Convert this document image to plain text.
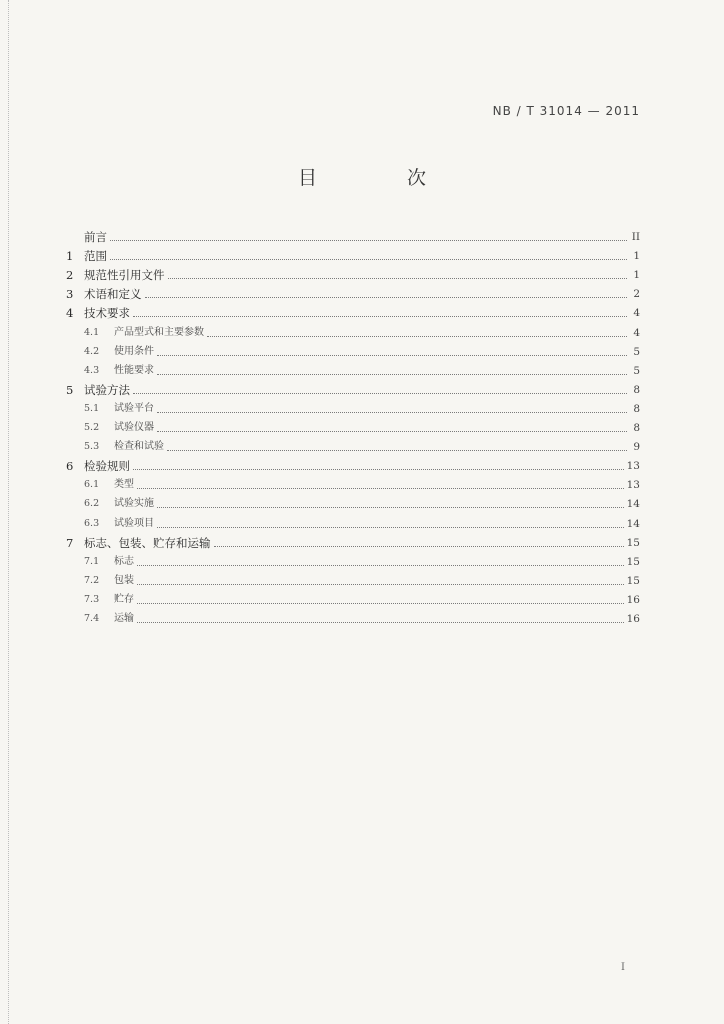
NB / T 31014 — 2011
目 次
前言	II
1 范围	1
2 规范性引用文件	1
3 术语和定义	2
4 技术要求	4
4.1	产品型式和主要参数	4
4.2	使用条件	5
4.3	性能要求	5
5 试验方法	8
5.1	试验平台	8
5.2	试验仪器	8
5.3	检查和试验	9
6 检验规则	13
6.1	类型	13
6.2	试验实施	14
6.3	试验项目	14
7 标志、包装、贮存和运输	15
7.1	标志	15
7.2	包装	15
7.3	贮存	16
7.4	运输	16
I
